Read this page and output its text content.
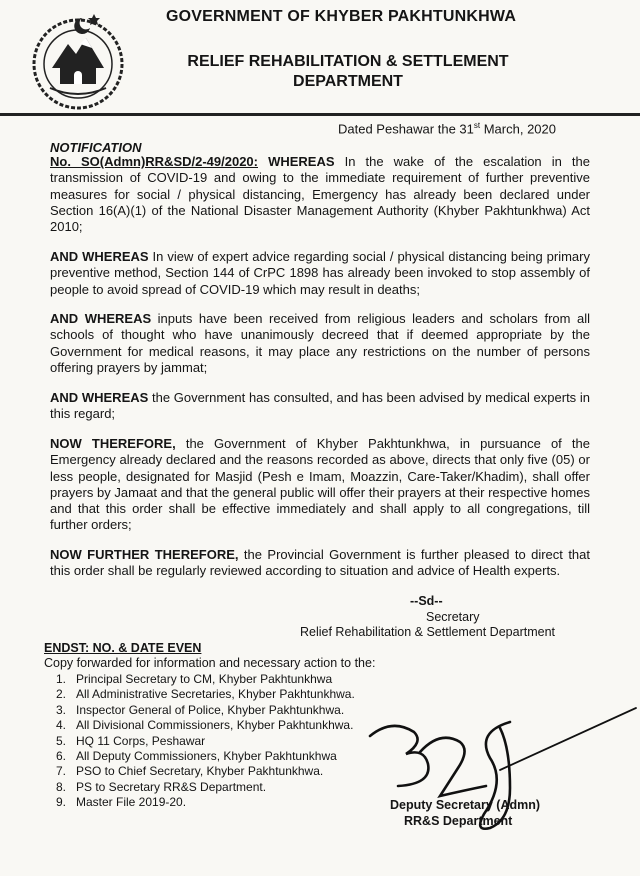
GOVERNMENT OF KHYBER PAKHTUNKHWA
RELIEF REHABILITATION & SETTLEMENT
DEPARTMENT
Dated Peshawar the 31st March, 2020
NOTIFICATION
No. SO(Admn)RR&SD/2-49/2020: WHEREAS In the wake of the escalation in the transmission of COVID-19 and owing to the immediate requirement of further preventive measures for social / physical distancing, Emergency has already been declared under Section 16(A)(1) of the National Disaster Management Authority (Khyber Pakhtunkhwa) Act 2010;
AND WHEREAS In view of expert advice regarding social / physical distancing being primary preventive method, Section 144 of CrPC 1898 has already been invoked to stop assembly of people to avoid spread of COVID-19 which may result in deaths;
AND WHEREAS inputs have been received from religious leaders and scholars from all schools of thought who have unanimously decreed that if deemed appropriate by the Government for medical reasons, it may place any restrictions on the number of persons offering prayers by jammat;
AND WHEREAS the Government has consulted, and has been advised by medical experts in this regard;
NOW THEREFORE, the Government of Khyber Pakhtunkhwa, in pursuance of the Emergency already declared and the reasons recorded as above, directs that only five (05) or less people, designated for Masjid (Pesh e Imam, Moazzin, Care-Taker/Khadim), shall offer prayers by Jamaat and that the general public will offer their prayers at their respective homes and that this order shall be effective immediately and shall apply to all congregations, till further orders;
NOW FURTHER THEREFORE, the Provincial Government is further pleased to direct that this order shall be regularly reviewed according to situation and advice of Health experts.
--Sd--
Secretary
Relief Rehabilitation & Settlement Department
ENDST: NO. & DATE EVEN
Copy forwarded for information and necessary action to the:
1. Principal Secretary to CM, Khyber Pakhtunkhwa
2. All Administrative Secretaries, Khyber Pakhtunkhwa.
3. Inspector General of Police, Khyber Pakhtunkhwa.
4. All Divisional Commissioners, Khyber Pakhtunkhwa.
5. HQ 11 Corps, Peshawar
6. All Deputy Commissioners, Khyber Pakhtunkhwa
7. PSO to Chief Secretary, Khyber Pakhtunkhwa.
8. PS to Secretary RR&S Department.
9. Master File 2019-20.	Deputy Secretary (Admn)
RR&S Department
